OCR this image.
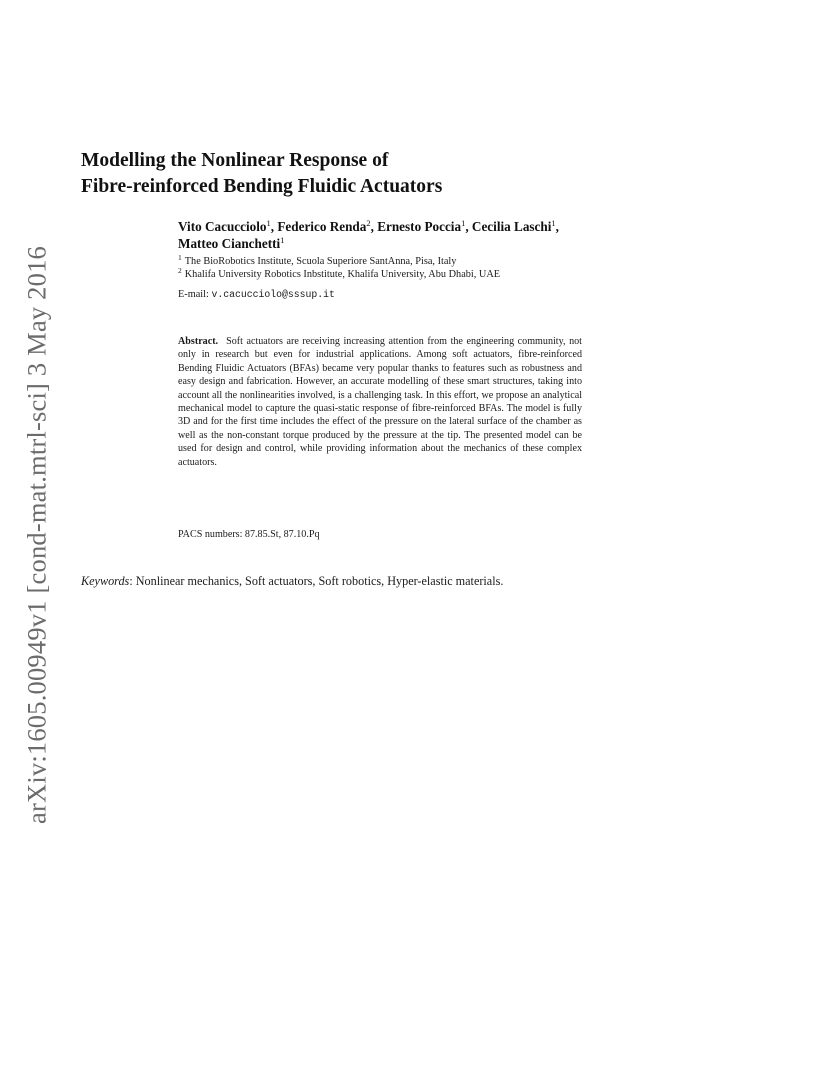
arXiv:1605.00949v1 [cond-mat.mtrl-sci] 3 May 2016
Modelling the Nonlinear Response of
Fibre-reinforced Bending Fluidic Actuators
Vito Cacucciolo$^1$, Federico Renda$^2$, Ernesto Poccia$^1$, Cecilia Laschi$^1$, Matteo Cianchetti$^1$
$^1$ The BioRobotics Institute, Scuola Superiore SantAnna, Pisa, Italy
$^2$ Khalifa University Robotics Inbstitute, Khalifa University, Abu Dhabi, UAE
E-mail: v.cacucciolo@sssup.it
Abstract. Soft actuators are receiving increasing attention from the engineering community, not only in research but even for industrial applications. Among soft actuators, fibre-reinforced Bending Fluidic Actuators (BFAs) became very popular thanks to features such as robustness and easy design and fabrication. However, an accurate modelling of these smart structures, taking into account all the nonlinearities involved, is a challenging task. In this effort, we propose an analytical mechanical model to capture the quasi-static response of fibre-reinforced BFAs. The model is fully 3D and for the first time includes the effect of the pressure on the lateral surface of the chamber as well as the non-constant torque produced by the pressure at the tip. The presented model can be used for design and control, while providing information about the mechanics of these complex actuators.
PACS numbers: 87.85.St, 87.10.Pq
Keywords: Nonlinear mechanics, Soft actuators, Soft robotics, Hyper-elastic materials.
